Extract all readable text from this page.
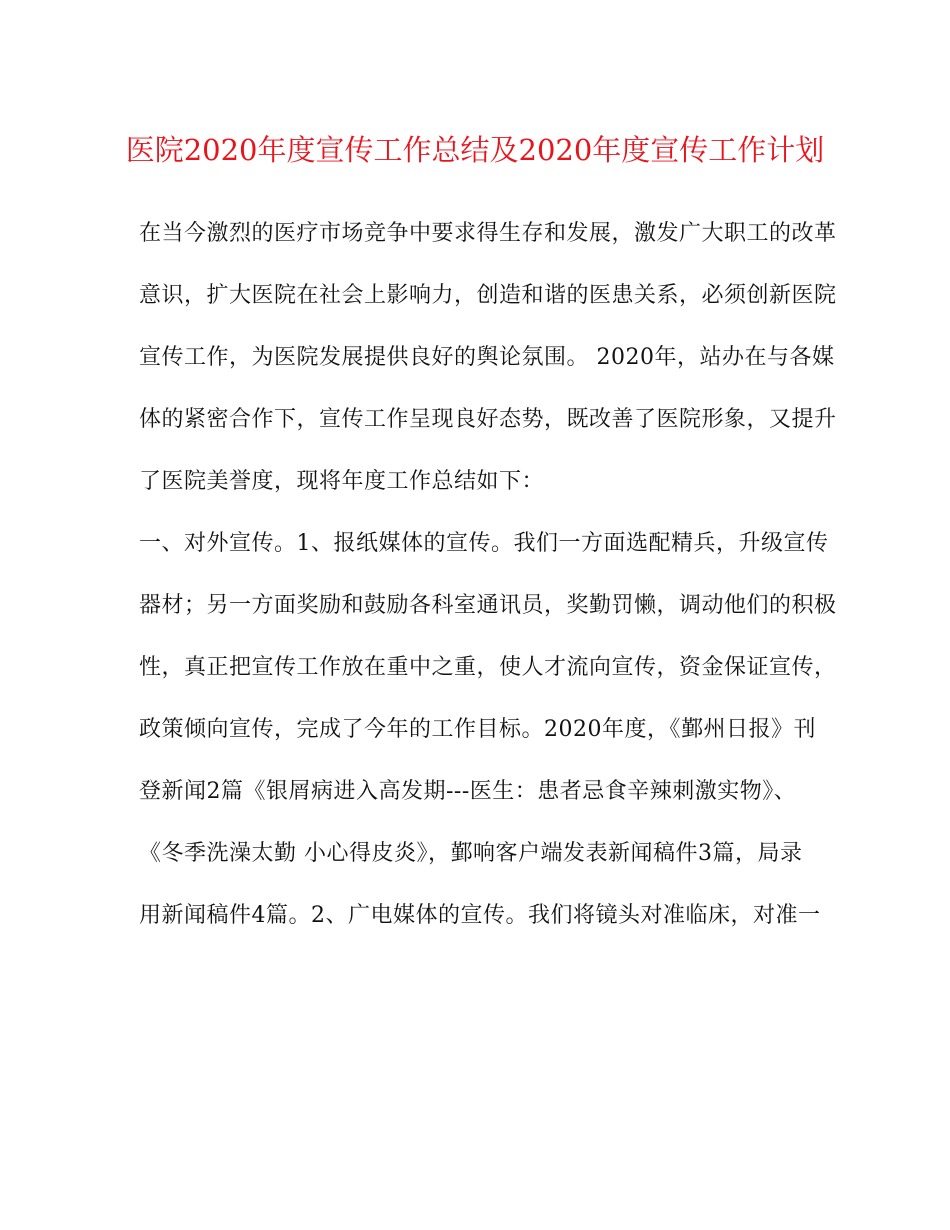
医院2020年度宣传工作总结及2020年度宣传工作计划
在当今激烈的医疗市场竞争中要求得生存和发展，激发广大职工的改革
意识，扩大医院在社会上影响力，创造和谐的医患关系，必须创新医院
宣传工作，为医院发展提供良好的舆论氛围。 2020年，站办在与各媒
体的紧密合作下，宣传工作呈现良好态势，既改善了医院形象，又提升
了医院美誉度，现将年度工作总结如下：
一、对外宣传。1、报纸媒体的宣传。我们一方面选配精兵，升级宣传
器材；另一方面奖励和鼓励各科室通讯员，奖勤罚懒，调动他们的积极
性，真正把宣传工作放在重中之重，使人才流向宣传，资金保证宣传，
政策倾向宣传，完成了今年的工作目标。2020年度，《鄞州日报》刊
登新闻2篇《银屑病进入高发期---医生：患者忌食辛辣刺激实物》、
《冬季洗澡太勤 小心得皮炎》，鄞响客户端发表新闻稿件3篇，局录
用新闻稿件4篇。2、广电媒体的宣传。我们将镜头对准临床，对准一
